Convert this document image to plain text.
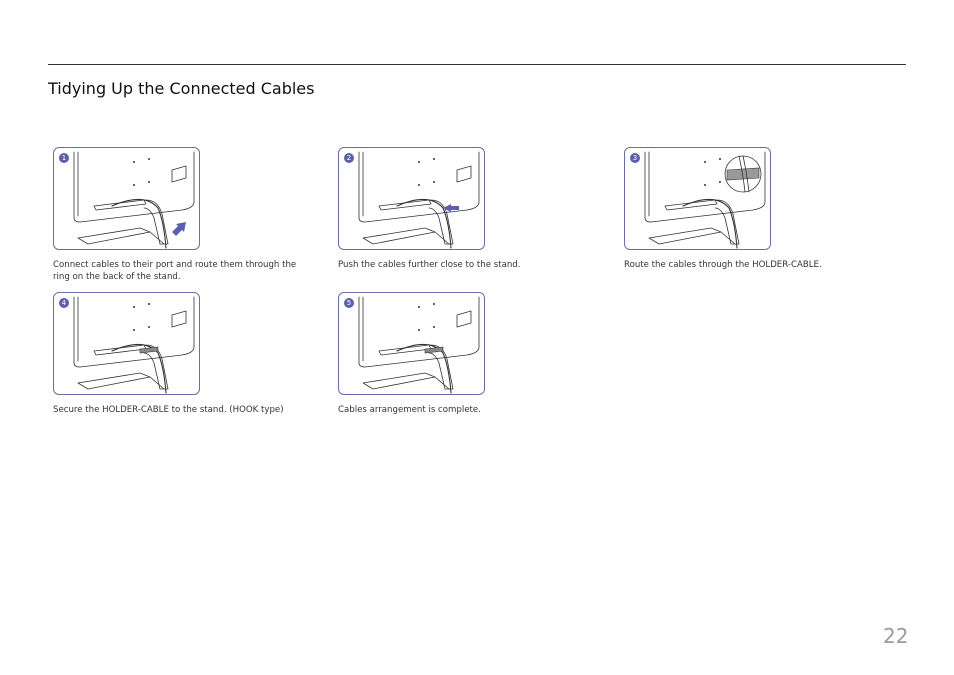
Tidying Up the Connected Cables
1
Connect cables to their port and route them through the ring on the back of the stand.
2
Push the cables further close to the stand.
3
Route the cables through the HOLDER-CABLE.
4
Secure the HOLDER-CABLE to the stand. (HOOK type)
5
Cables arrangement is complete.
22
